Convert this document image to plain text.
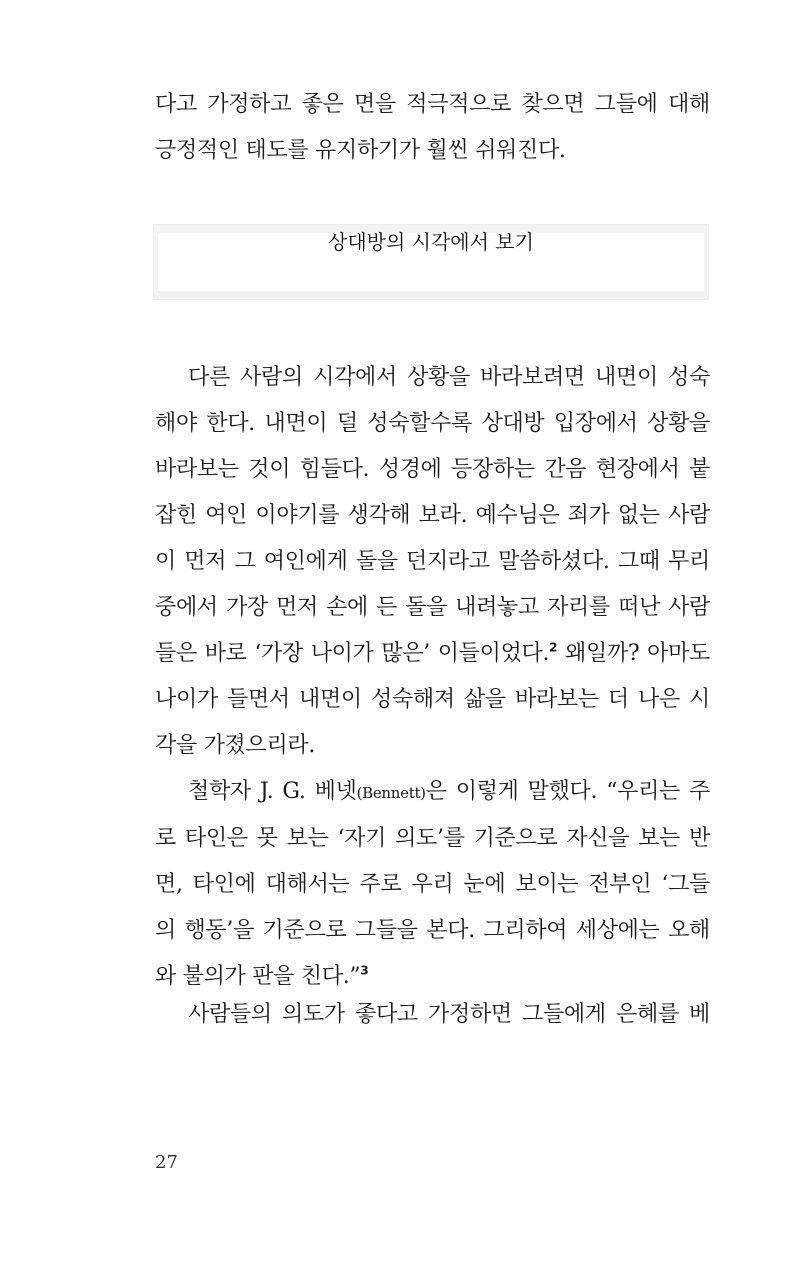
다고 가정하고 좋은 면을 적극적으로 찾으면 그들에 대해
긍정적인 태도를 유지하기가 훨씬 쉬워진다.

상대방의 시각에서 보기

다른 사람의 시각에서 상황을 바라보려면 내면이 성숙
해야 한다. 내면이 덜 성숙할수록 상대방 입장에서 상황을
바라보는 것이 힘들다. 성경에 등장하는 간음 현장에서 붙
잡힌 여인 이야기를 생각해 보라. 예수님은 죄가 없는 사람
이 먼저 그 여인에게 돌을 던지라고 말씀하셨다. 그때 무리
중에서 가장 먼저 손에 든 돌을 내려놓고 자리를 떠난 사람
들은 바로 ‘가장 나이가 많은’ 이들이었다.$^2$ 왜일까? 아마도
나이가 들면서 내면이 성숙해져 삶을 바라보는 더 나은 시
각을 가졌으리라.

철학자 J. G. 베넷(Bennett)은 이렇게 말했다. “우리는 주
로 타인은 못 보는 ‘자기 의도’를 기준으로 자신을 보는 반
면, 타인에 대해서는 주로 우리 눈에 보이는 전부인 ‘그들
의 행동’을 기준으로 그들을 본다. 그리하여 세상에는 오해
와 불의가 판을 친다.”$^3$

사람들의 의도가 좋다고 가정하면 그들에게 은혜를 베

27
